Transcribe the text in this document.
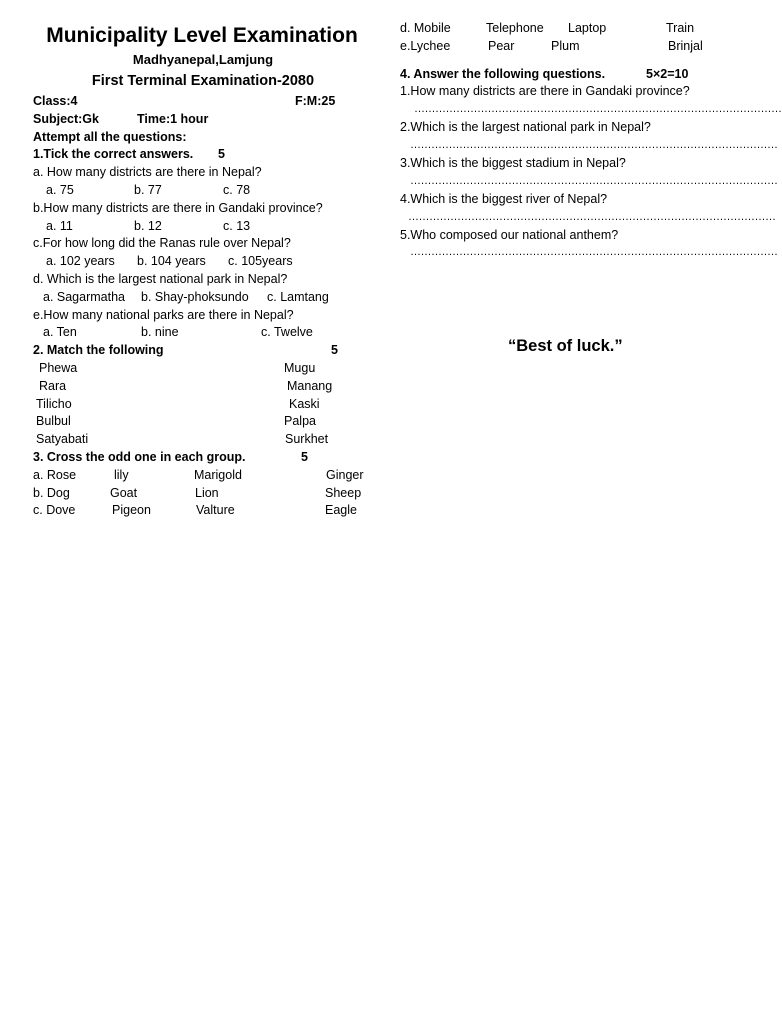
Municipality Level Examination
Madhyanepal,Lamjung
First Terminal Examination-2080
Class:4	F:M:25
Subject:Gk	Time:1 hour
Attempt all the questions:
1.Tick the correct answers. 5
a. How many districts are there in Nepal?
a. 75	b. 77	c. 78
b.How many districts are there in Gandaki province?
a. 11	b. 12	c. 13
c.For how long did the Ranas rule over Nepal?
a. 102 years b. 104 years c. 105years
d. Which is the largest national park in Nepal?
a. Sagarmatha b. Shay-phoksundo c. Lamtang
e.How many national parks are there in Nepal?
a. Ten	b. nine	c. Twelve
2. Match the following	5
Phewa	Mugu
Rara	Manang
Tilicho	Kaski
Bulbul	Palpa
Satyabati	Surkhet
3. Cross the odd one in each group.	5
a. Rose	lily	Marigold	Ginger
b. Dog	Goat	Lion	Sheep
c. Dove	Pigeon	Valture	Eagle
d. Mobile	Telephone Laptop	Train
e.Lychee	Pear	Plum	Brinjal
4. Answer the following questions.	5×2=10
1.How many districts are there in Gandaki province?
……………………………………………………………………………………………
2.Which is the largest national park in Nepal?
……………………………………………………………………………………………
3.Which is the biggest stadium in Nepal?
……………………………………………………………………………………………
4.Which is the biggest river of Nepal?
……………………………………………………………………………………………
5.Who composed our national anthem?
……………………………………………………………………………………………
“Best of luck.”
